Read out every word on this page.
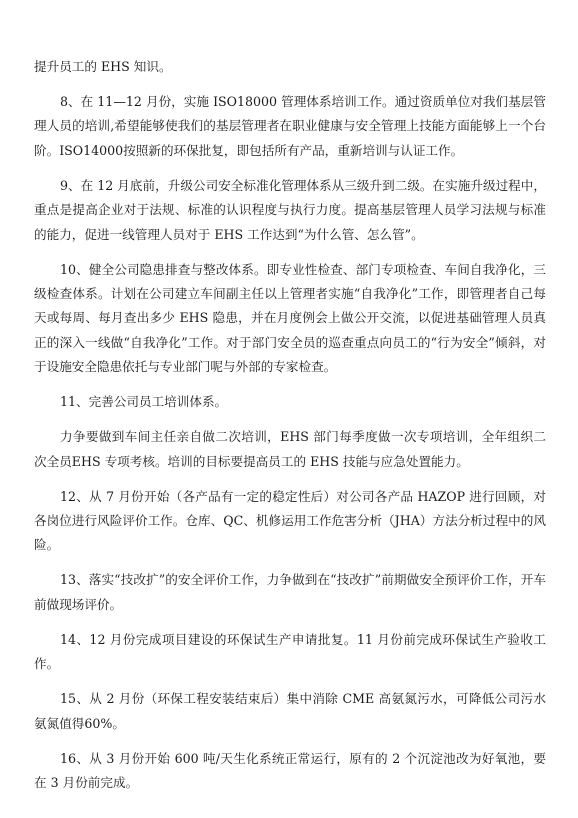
提升员工的 EHS 知识。

8、在 11—12 月份，实施 ISO18000 管理体系培训工作。通过资质单位对我们基层管理人员的培训,希望能够使我们的基层管理者在职业健康与安全管理上技能方面能够上一个台阶。ISO14000按照新的环保批复，即包括所有产品，重新培训与认证工作。

9、在 12 月底前，升级公司安全标准化管理体系从三级升到二级。在实施升级过程中，重点是提高企业对于法规、标准的认识程度与执行力度。提高基层管理人员学习法规与标准的能力，促进一线管理人员对于 EHS 工作达到“为什么管、怎么管”。

10、健全公司隐患排查与整改体系。即专业性检查、部门专项检查、车间自我净化，三级检查体系。计划在公司建立车间副主任以上管理者实施“自我净化”工作，即管理者自己每天或每周、每月查出多少 EHS 隐患，并在月度例会上做公开交流，以促进基础管理人员真正的深入一线做“自我净化”工作。对于部门安全员的巡查重点向员工的“行为安全”倾斜，对于设施安全隐患依托与专业部门呢与外部的专家检查。

11、完善公司员工培训体系。

力争要做到车间主任亲自做二次培训，EHS 部门每季度做一次专项培训，全年组织二次全员EHS 专项考核。培训的目标要提高员工的 EHS 技能与应急处置能力。

12、从 7 月份开始（各产品有一定的稳定性后）对公司各产品 HAZOP 进行回顾，对各岗位进行风险评价工作。仓库、QC、机修运用工作危害分析（JHA）方法分析过程中的风险。

13、落实“技改扩”的安全评价工作，力争做到在“技改扩”前期做安全预评价工作，开车前做现场评价。

14、12 月份完成项目建设的环保试生产申请批复。11 月份前完成环保试生产验收工作。

15、从 2 月份（环保工程安装结束后）集中消除 CME 高氨氮污水，可降低公司污水氨氮值得60%。

16、从 3 月份开始 600 吨/天生化系统正常运行，原有的 2 个沉淀池改为好氧池，要在 3 月份前完成。
